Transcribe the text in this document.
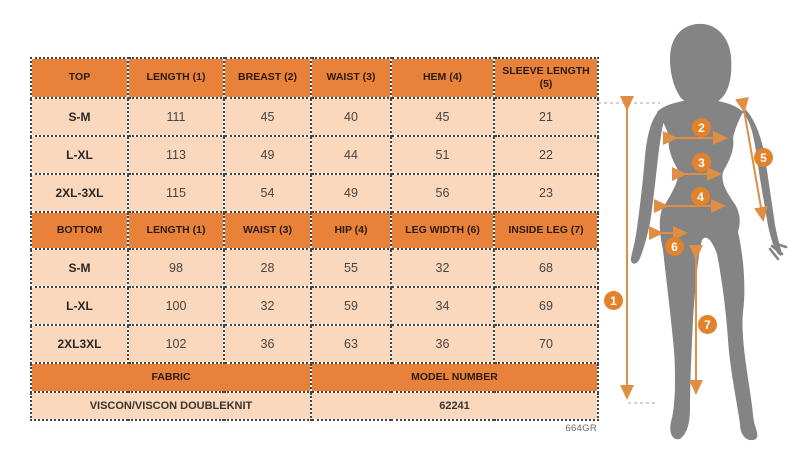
TOP	LENGTH (1)	BREAST (2)	WAIST (3)	HEM (4)	SLEEVE LENGTH (5)
S-M	111	45	40	45	21
L-XL	113	49	44	51	22
2XL-3XL	115	54	49	56	23
BOTTOM	LENGTH (1)	WAIST (3)	HIP (4)	LEG WIDTH (6)	INSIDE LEG (7)
S-M	98	28	55	32	68
L-XL	100	32	59	34	69
2XL3XL	102	36	63	36	70
FABRIC			MODEL NUMBER		
VISCON/VISCON DOUBLEKNIT			62241		
664GR
1
2
3
4
5
6
7
